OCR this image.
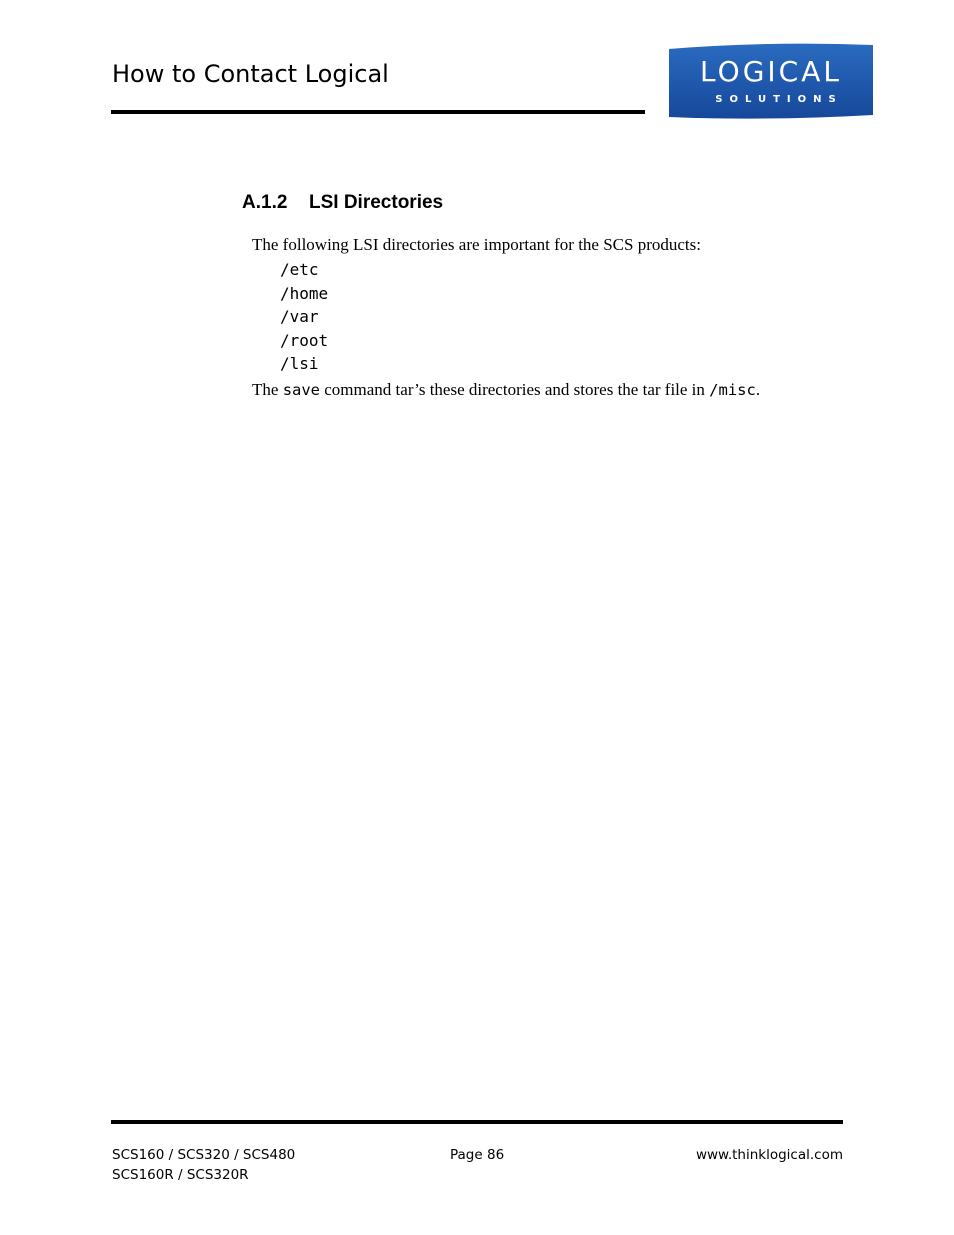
How to Contact Logical	LOGICAL
SOLUTIONS
A.1.2 LSI Directories
The following LSI directories are important for the SCS products:
/etc
/home
/var
/root
/lsi
The save command tar’s these directories and stores the tar file in /misc.
SCS160 / SCS320 / SCS480
SCS160R / SCS320R
Page 86	www.thinklogical.com
